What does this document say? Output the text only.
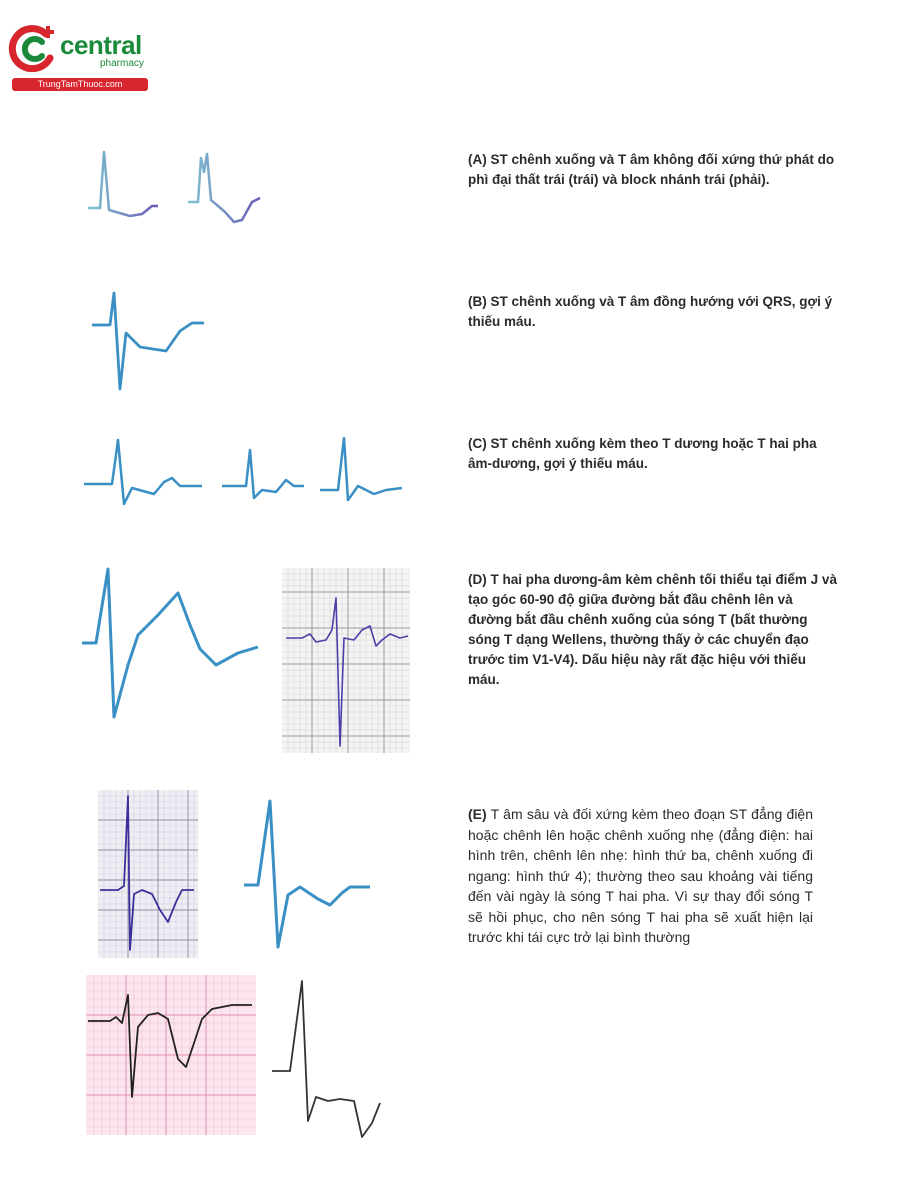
central
pharmacy
TrungTamThuoc.com
(A) ST chênh xuống và T âm không đối xứng thứ phát do phì đại thất trái (trái) và block nhánh trái (phải).
(B) ST chênh xuống và T âm đồng hướng với QRS, gợi ý thiếu máu.
(C) ST chênh xuống kèm theo T dương hoặc T hai pha âm-dương, gợi ý thiếu máu.
(D) T hai pha dương-âm kèm chênh tối thiểu tại điểm J và tạo góc 60-90 độ giữa đường bắt đầu chênh lên và đường bắt đầu chênh xuống của sóng T (bất thường sóng T dạng Wellens, thường thấy ở các chuyển đạo trước tim V1-V4). Dấu hiệu này rất đặc hiệu với thiếu máu.
(E) T âm sâu và đối xứng kèm theo đoạn ST đẳng điện hoặc chênh lên hoặc chênh xuống nhẹ (đẳng điện: hai hình trên, chênh lên nhẹ: hình thứ ba, chênh xuống đi ngang: hình thứ 4); thường theo sau khoảng vài tiếng đến vài ngày là sóng T hai pha. Vì sự thay đổi sóng T sẽ hồi phục, cho nên sóng T hai pha sẽ xuất hiện lại trước khi tái cực trở lại bình thường
